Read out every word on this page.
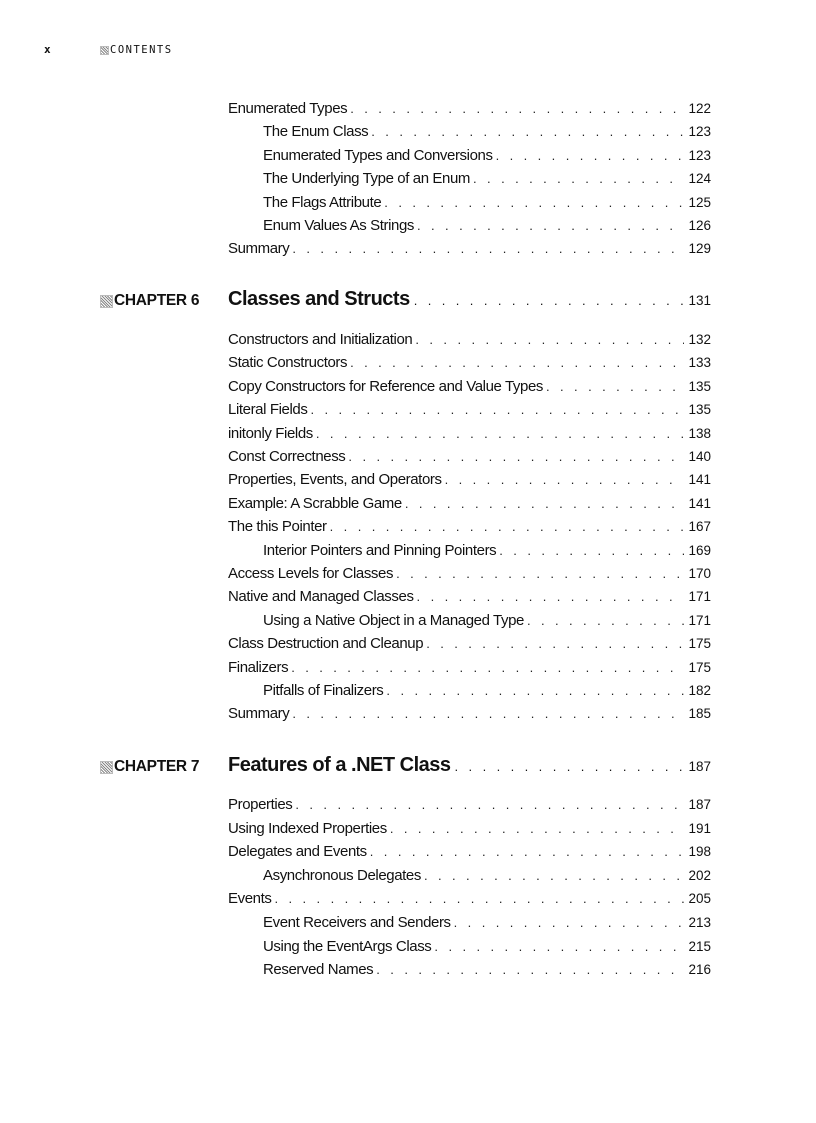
x	CONTENTS
Enumerated Types . . .	122
The Enum Class . . .	123
Enumerated Types and Conversions . . .	123
The Underlying Type of an Enum . . .	124
The Flags Attribute . . .	125
Enum Values As Strings . . .	126
Summary . . .	129
CHAPTER 6 Classes and Structs . . .	131
Constructors and Initialization . . .	132
Static Constructors . . .	133
Copy Constructors for Reference and Value Types . . .	135
Literal Fields . . .	135
initonly Fields . . .	138
Const Correctness . . .	140
Properties, Events, and Operators . . .	141
Example: A Scrabble Game . . .	141
The this Pointer . . .	167
Interior Pointers and Pinning Pointers . . .	169
Access Levels for Classes . . .	170
Native and Managed Classes . . .	171
Using a Native Object in a Managed Type . . .	171
Class Destruction and Cleanup . . .	175
Finalizers . . .	175
Pitfalls of Finalizers . . .	182
Summary . . .	185
CHAPTER 7 Features of a .NET Class . . .	187
Properties . . .	187
Using Indexed Properties . . .	191
Delegates and Events . . .	198
Asynchronous Delegates . . .	202
Events . . .	205
Event Receivers and Senders . . .	213
Using the EventArgs Class . . .	215
Reserved Names . . .	216
